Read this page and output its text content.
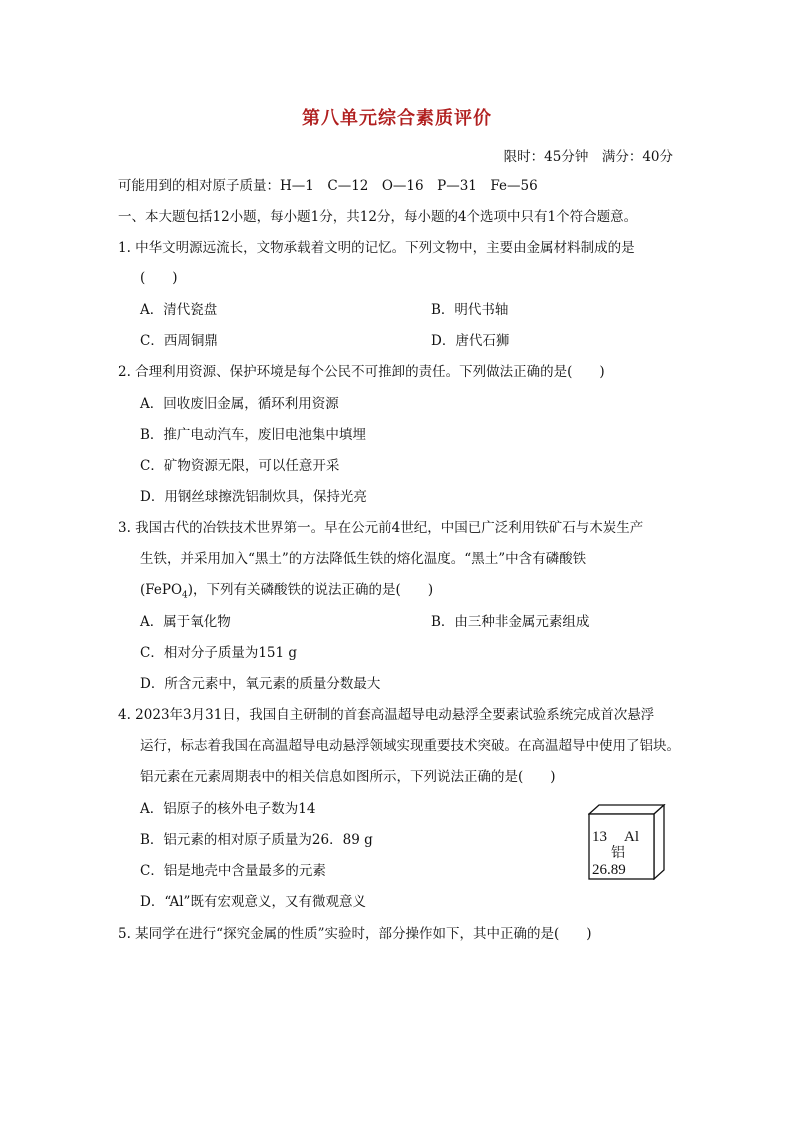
第八单元综合素质评价
限时：45分钟　满分：40分
可能用到的相对原子质量：H—1　C—12　O—16　P—31　Fe—56
一、本大题包括12小题，每小题1分，共12分，每小题的4个选项中只有1个符合题意。
1. 中华文明源远流长，文物承载着文明的记忆。下列文物中，主要由金属材料制成的是
(　　)
A．清代瓷盘	B．明代书轴
C．西周铜鼎	D．唐代石狮
2. 合理利用资源、保护环境是每个公民不可推卸的责任。下列做法正确的是(　　)
A．回收废旧金属，循环利用资源
B．推广电动汽车，废旧电池集中填埋
C．矿物资源无限，可以任意开采
D．用钢丝球擦洗铝制炊具，保持光亮
3. 我国古代的冶铁技术世界第一。早在公元前4世纪，中国已广泛利用铁矿石与木炭生产
生铁，并采用加入“黑土”的方法降低生铁的熔化温度。“黑土”中含有磷酸铁
(FePO$_4$)，下列有关磷酸铁的说法正确的是(　　)
A．属于氧化物	B．由三种非金属元素组成
C．相对分子质量为151 g
D．所含元素中，氧元素的质量分数最大
4. 2023年3月31日，我国自主研制的首套高温超导电动悬浮全要素试验系统完成首次悬浮
运行，标志着我国在高温超导电动悬浮领域实现重要技术突破。在高温超导中使用了铝块。
铝元素在元素周期表中的相关信息如图所示，下列说法正确的是(　　)
A．铝原子的核外电子数为14
B．铝元素的相对原子质量为26．89 g
C．铝是地壳中含量最多的元素
D．“Al”既有宏观意义，又有微观意义
13 Al
铝
26.89
5. 某同学在进行“探究金属的性质”实验时，部分操作如下，其中正确的是(　　)
